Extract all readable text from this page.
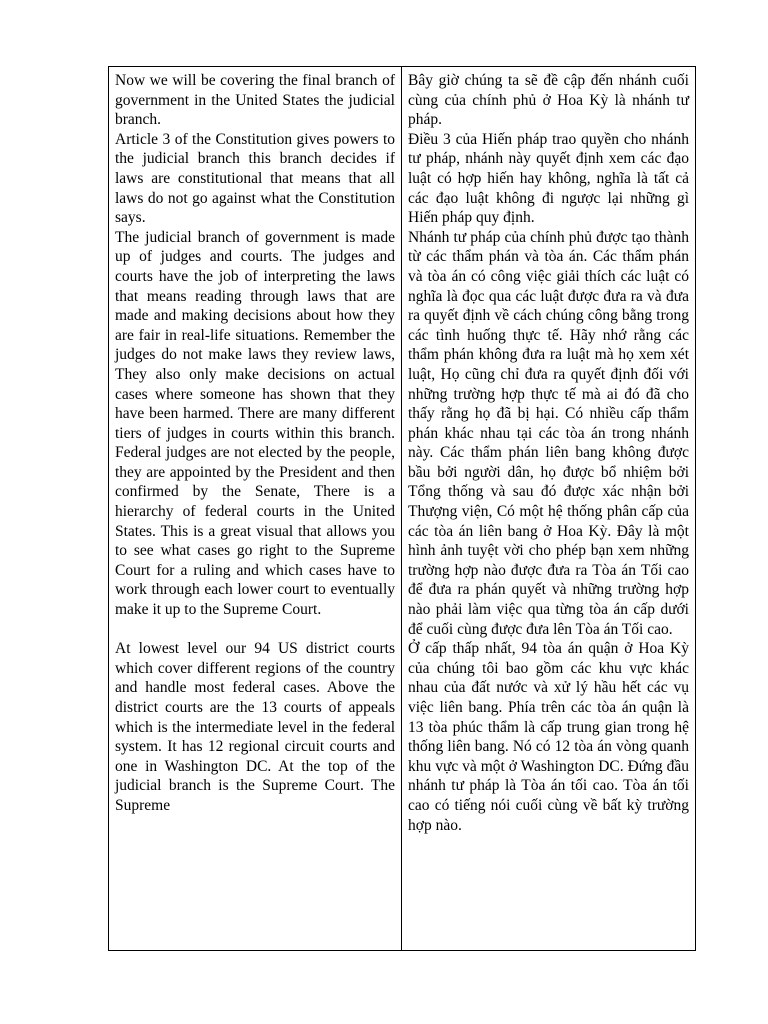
Now we will be covering the final branch of government in the United States the judicial branch.

Article 3 of the Constitution gives powers to the judicial branch this branch decides if laws are constitutional that means that all laws do not go against what the Constitution says.

The judicial branch of government is made up of judges and courts. The judges and courts have the job of interpreting the laws that means reading through laws that are made and making decisions about how they are fair in real-life situations. Remember the judges do not make laws they review laws, They also only make decisions on actual cases where someone has shown that they have been harmed. There are many different tiers of judges in courts within this branch. Federal judges are not elected by the people, they are appointed by the President and then confirmed by the Senate, There is a hierarchy of federal courts in the United States. This is a great visual that allows you to see what cases go right to the Supreme Court for a ruling and which cases have to work through each lower court to eventually make it up to the Supreme Court.

At lowest level our 94 US district courts which cover different regions of the country and handle most federal cases. Above the district courts are the 13 courts of appeals which is the intermediate level in the federal system. It has 12 regional circuit courts and one in Washington DC. At the top of the judicial branch is the Supreme Court. The Supreme

Bây giờ chúng ta sẽ đề cập đến nhánh cuối cùng của chính phủ ở Hoa Kỳ là nhánh tư pháp.

Điều 3 của Hiến pháp trao quyền cho nhánh tư pháp, nhánh này quyết định xem các đạo luật có hợp hiến hay không, nghĩa là tất cả các đạo luật không đi ngược lại những gì Hiến pháp quy định.

Nhánh tư pháp của chính phủ được tạo thành từ các thẩm phán và tòa án. Các thẩm phán và tòa án có công việc giải thích các luật có nghĩa là đọc qua các luật được đưa ra và đưa ra quyết định về cách chúng công bằng trong các tình huống thực tế. Hãy nhớ rằng các thẩm phán không đưa ra luật mà họ xem xét luật, Họ cũng chỉ đưa ra quyết định đối với những trường hợp thực tế mà ai đó đã cho thấy rằng họ đã bị hại. Có nhiều cấp thẩm phán khác nhau tại các tòa án trong nhánh này. Các thẩm phán liên bang không được bầu bởi người dân, họ được bổ nhiệm bởi Tổng thống và sau đó được xác nhận bởi Thượng viện, Có một hệ thống phân cấp của các tòa án liên bang ở Hoa Kỳ. Đây là một hình ảnh tuyệt vời cho phép bạn xem những trường hợp nào được đưa ra Tòa án Tối cao để đưa ra phán quyết và những trường hợp nào phải làm việc qua từng tòa án cấp dưới để cuối cùng được đưa lên Tòa án Tối cao.

Ở cấp thấp nhất, 94 tòa án quận ở Hoa Kỳ của chúng tôi bao gồm các khu vực khác nhau của đất nước và xử lý hầu hết các vụ việc liên bang. Phía trên các tòa án quận là 13 tòa phúc thẩm là cấp trung gian trong hệ thống liên bang. Nó có 12 tòa án vòng quanh khu vực và một ở Washington DC. Đứng đầu nhánh tư pháp là Tòa án tối cao. Tòa án tối cao có tiếng nói cuối cùng về bất kỳ trường hợp nào.
